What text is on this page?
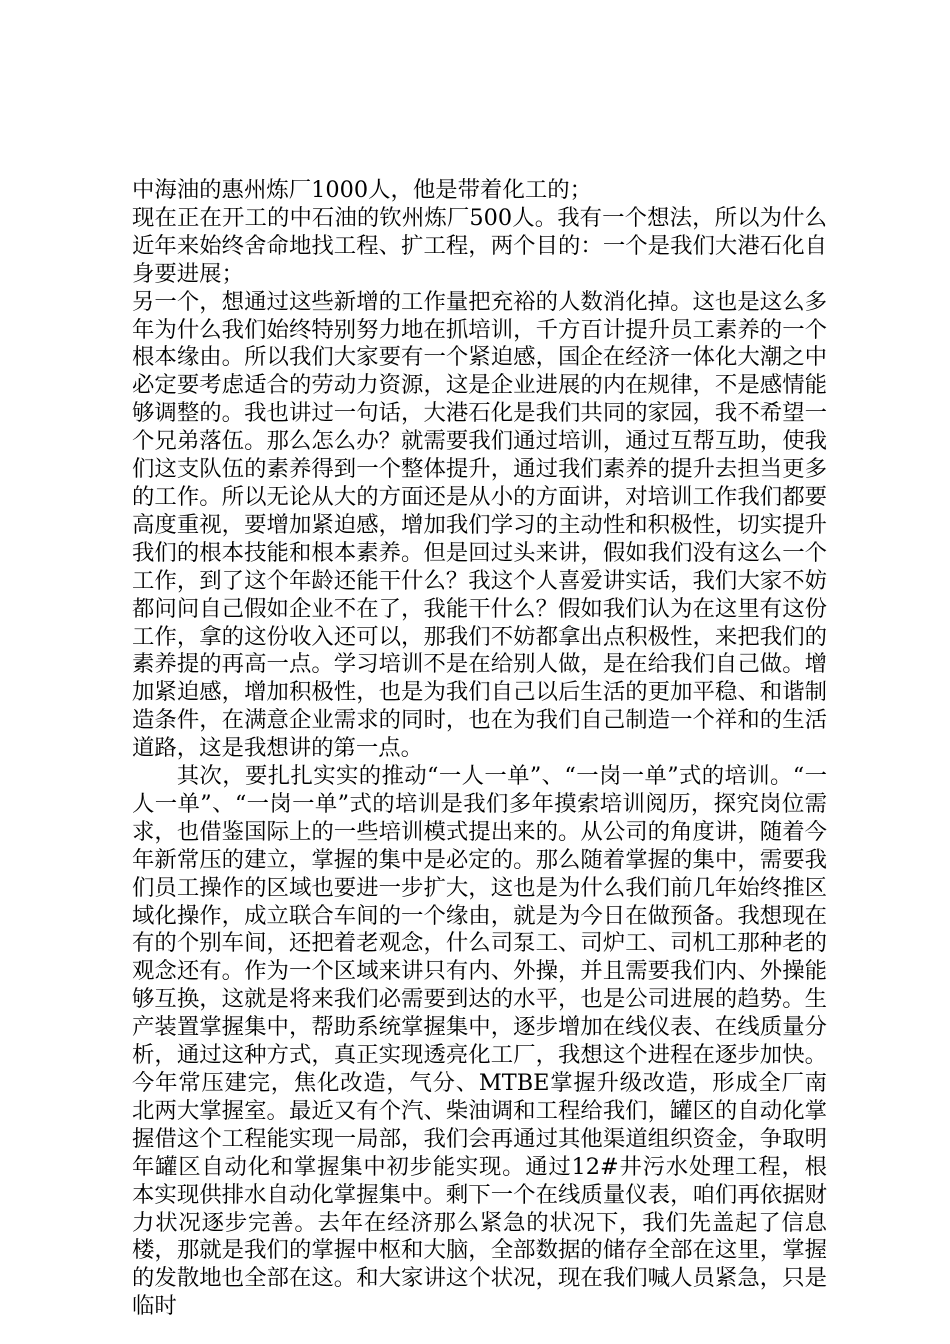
中海油的惠州炼厂1000人，他是带着化工的；

现在正在开工的中石油的钦州炼厂500人。我有一个想法，所以为什么近年来始终舍命地找工程、扩工程，两个目的：一个是我们大港石化自身要进展；

另一个，想通过这些新增的工作量把充裕的人数消化掉。这也是这么多年为什么我们始终特别努力地在抓培训，千方百计提升员工素养的一个根本缘由。所以我们大家要有一个紧迫感，国企在经济一体化大潮之中必定要考虑适合的劳动力资源，这是企业进展的内在规律，不是感情能够调整的。我也讲过一句话，大港石化是我们共同的家园，我不希望一个兄弟落伍。那么怎么办？就需要我们通过培训，通过互帮互助，使我们这支队伍的素养得到一个整体提升，通过我们素养的提升去担当更多的工作。所以无论从大的方面还是从小的方面讲，对培训工作我们都要高度重视，要增加紧迫感，增加我们学习的主动性和积极性，切实提升我们的根本技能和根本素养。但是回过头来讲，假如我们没有这么一个工作，到了这个年龄还能干什么？我这个人喜爱讲实话，我们大家不妨都问问自己假如企业不在了，我能干什么？假如我们认为在这里有这份工作，拿的这份收入还可以，那我们不妨都拿出点积极性，来把我们的素养提的再高一点。学习培训不是在给别人做，是在给我们自己做。增加紧迫感，增加积极性，也是为我们自己以后生活的更加平稳、和谐制造条件，在满意企业需求的同时，也在为我们自己制造一个祥和的生活道路，这是我想讲的第一点。

其次，要扎扎实实的推动“一人一单”、“一岗一单”式的培训。“一人一单”、“一岗一单”式的培训是我们多年摸索培训阅历，探究岗位需求，也借鉴国际上的一些培训模式提出来的。从公司的角度讲，随着今年新常压的建立，掌握的集中是必定的。那么随着掌握的集中，需要我们员工操作的区域也要进一步扩大，这也是为什么我们前几年始终推区域化操作，成立联合车间的一个缘由，就是为今日在做预备。我想现在有的个别车间，还把着老观念，什么司泵工、司炉工、司机工那种老的观念还有。作为一个区域来讲只有内、外操，并且需要我们内、外操能够互换，这就是将来我们必需要到达的水平，也是公司进展的趋势。生产装置掌握集中，帮助系统掌握集中，逐步增加在线仪表、在线质量分析，通过这种方式，真正实现透亮化工厂，我想这个进程在逐步加快。今年常压建完，焦化改造，气分、MTBE掌握升级改造，形成全厂南北两大掌握室。最近又有个汽、柴油调和工程给我们，罐区的自动化掌握借这个工程能实现一局部，我们会再通过其他渠道组织资金，争取明年罐区自动化和掌握集中初步能实现。通过12#井污水处理工程，根本实现供排水自动化掌握集中。剩下一个在线质量仪表，咱们再依据财力状况逐步完善。去年在经济那么紧急的状况下，我们先盖起了信息楼，那就是我们的掌握中枢和大脑，全部数据的储存全部在这里，掌握的发散地也全部在这。和大家讲这个状况，现在我们喊人员紧急，只是临时
